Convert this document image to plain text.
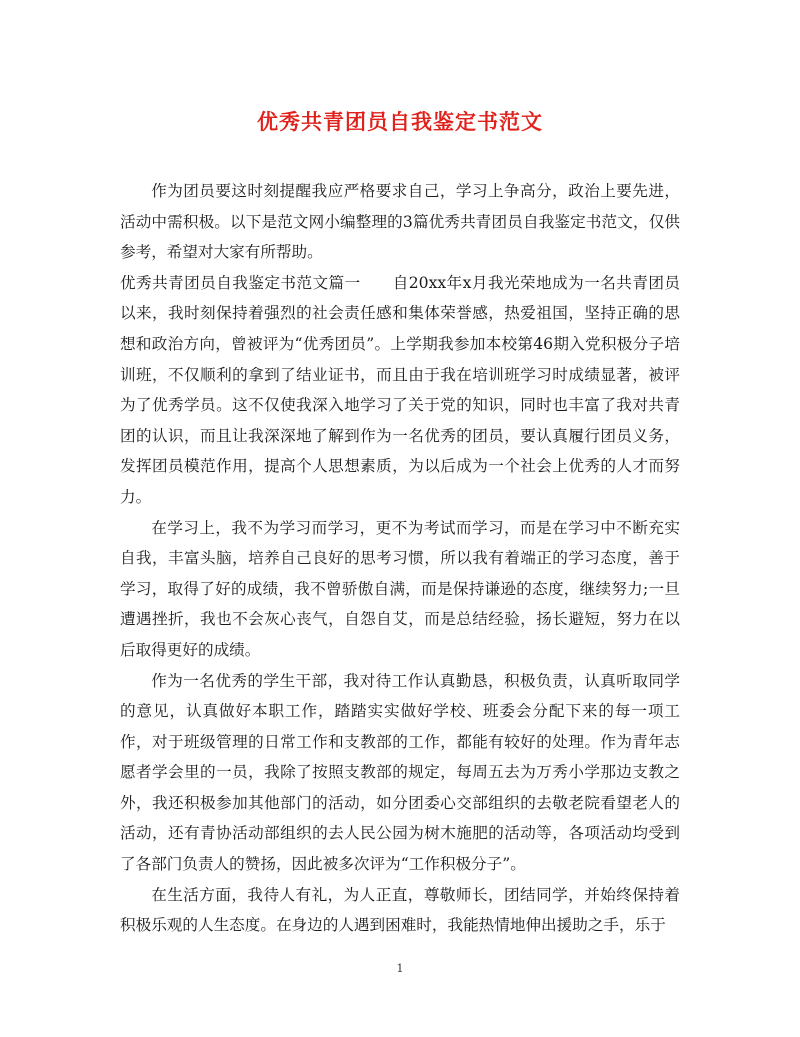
优秀共青团员自我鉴定书范文

作为团员要这时刻提醒我应严格要求自己，学习上争高分，政治上要先进，活动中需积极。以下是范文网小编整理的3篇优秀共青团员自我鉴定书范文，仅供参考，希望对大家有所帮助。

优秀共青团员自我鉴定书范文篇一　　自20xx年x月我光荣地成为一名共青团员以来，我时刻保持着强烈的社会责任感和集体荣誉感，热爱祖国，坚持正确的思想和政治方向，曾被评为“优秀团员”。上学期我参加本校第46期入党积极分子培训班，不仅顺利的拿到了结业证书，而且由于我在培训班学习时成绩显著，被评为了优秀学员。这不仅使我深入地学习了关于党的知识，同时也丰富了我对共青团的认识，而且让我深深地了解到作为一名优秀的团员，要认真履行团员义务，发挥团员模范作用，提高个人思想素质，为以后成为一个社会上优秀的人才而努力。

在学习上，我不为学习而学习，更不为考试而学习，而是在学习中不断充实自我，丰富头脑，培养自己良好的思考习惯，所以我有着端正的学习态度，善于学习，取得了好的成绩，我不曾骄傲自满，而是保持谦逊的态度，继续努力;一旦遭遇挫折，我也不会灰心丧气，自怨自艾，而是总结经验，扬长避短，努力在以后取得更好的成绩。

作为一名优秀的学生干部，我对待工作认真勤恳，积极负责，认真听取同学的意见，认真做好本职工作，踏踏实实做好学校、班委会分配下来的每一项工作，对于班级管理的日常工作和支教部的工作，都能有较好的处理。作为青年志愿者学会里的一员，我除了按照支教部的规定，每周五去为万秀小学那边支教之外，我还积极参加其他部门的活动，如分团委心交部组织的去敬老院看望老人的活动，还有青协活动部组织的去人民公园为树木施肥的活动等，各项活动均受到了各部门负责人的赞扬，因此被多次评为“工作积极分子”。

在生活方面，我待人有礼，为人正直，尊敬师长，团结同学，并始终保持着积极乐观的人生态度。在身边的人遇到困难时，我能热情地伸出援助之手，乐于

1
